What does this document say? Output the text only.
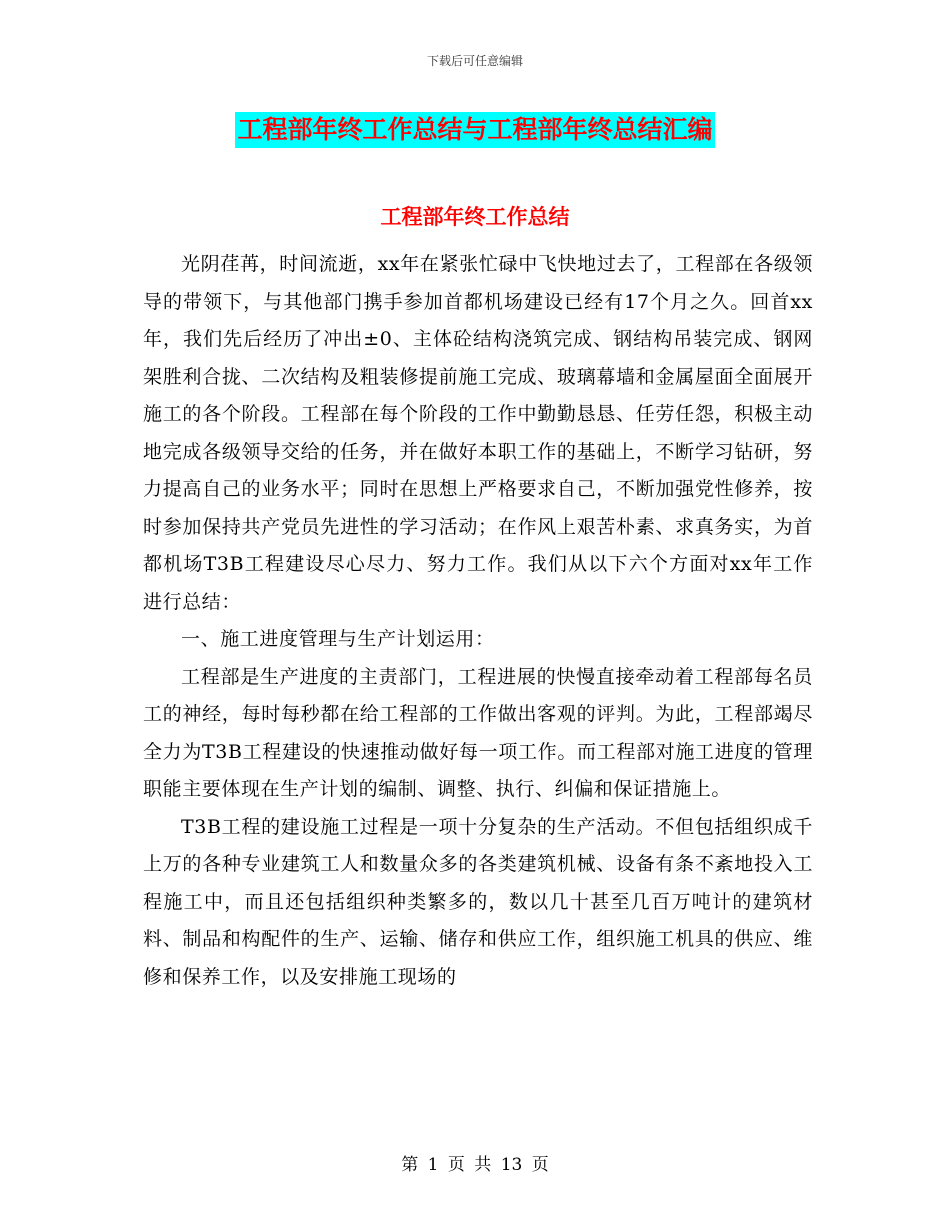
下载后可任意编辑
工程部年终工作总结与工程部年终总结汇编
工程部年终工作总结

光阴荏苒，时间流逝，xx年在紧张忙碌中飞快地过去了，工程部在各级领导的带领下，与其他部门携手参加首都机场建设已经有17个月之久。回首xx年，我们先后经历了冲出±0、主体砼结构浇筑完成、钢结构吊装完成、钢网架胜利合拢、二次结构及粗装修提前施工完成、玻璃幕墙和金属屋面全面展开施工的各个阶段。工程部在每个阶段的工作中勤勤恳恳、任劳任怨，积极主动地完成各级领导交给的任务，并在做好本职工作的基础上，不断学习钻研，努力提高自己的业务水平；同时在思想上严格要求自己，不断加强党性修养，按时参加保持共产党员先进性的学习活动；在作风上艰苦朴素、求真务实，为首都机场T3B工程建设尽心尽力、努力工作。我们从以下六个方面对xx年工作进行总结：

一、施工进度管理与生产计划运用：

工程部是生产进度的主责部门，工程进展的快慢直接牵动着工程部每名员工的神经，每时每秒都在给工程部的工作做出客观的评判。为此，工程部竭尽全力为T3B工程建设的快速推动做好每一项工作。而工程部对施工进度的管理职能主要体现在生产计划的编制、调整、执行、纠偏和保证措施上。

T3B工程的建设施工过程是一项十分复杂的生产活动。不但包括组织成千上万的各种专业建筑工人和数量众多的各类建筑机械、设备有条不紊地投入工程施工中，而且还包括组织种类繁多的，数以几十甚至几百万吨计的建筑材料、制品和构配件的生产、运输、储存和供应工作，组织施工机具的供应、维修和保养工作，以及安排施工现场的

第 1 页 共 13 页
